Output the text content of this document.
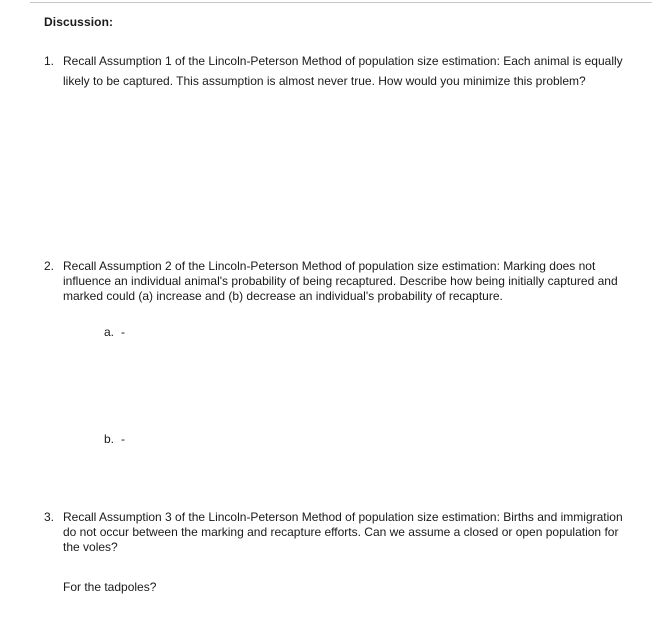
Discussion:
1. Recall Assumption 1 of the Lincoln-Peterson Method of population size estimation: Each animal is equally likely to be captured. This assumption is almost never true. How would you minimize this problem?
2. Recall Assumption 2 of the Lincoln-Peterson Method of population size estimation: Marking does not influence an individual animal's probability of being recaptured. Describe how being initially captured and marked could (a) increase and (b) decrease an individual's probability of recapture.
a. -
b. -
3. Recall Assumption 3 of the Lincoln-Peterson Method of population size estimation: Births and immigration do not occur between the marking and recapture efforts. Can we assume a closed or open population for the voles?
For the tadpoles?
